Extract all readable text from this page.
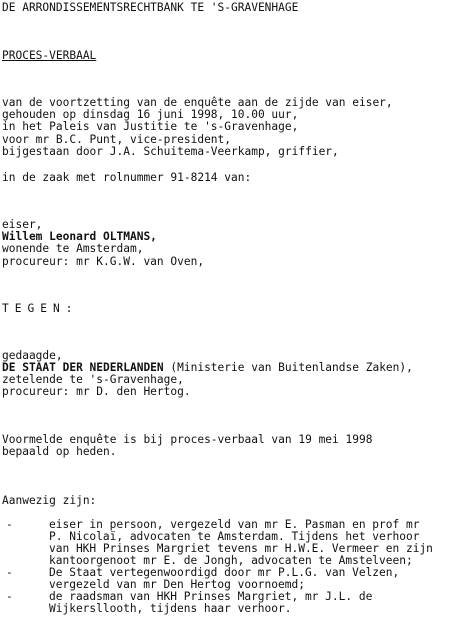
DE ARRONDISSEMENTSRECHTBANK TE 'S-GRAVENHAGE
PROCES-VERBAAL
van de voortzetting van de enquête aan de zijde van eiser,
gehouden op dinsdag 16 juni 1998, 10.00 uur,
in het Paleis van Justitie te 's-Gravenhage,
voor mr B.C. Punt, vice-president,
bijgestaan door J.A. Schuitema-Veerkamp, griffier,
in de zaak met rolnummer 91-8214 van:
eiser,
Willem Leonard OLTMANS,
wonende te Amsterdam,
procureur: mr K.G.W. van Oven,
TEGEN:
gedaagde,
DE STAAT DER NEDERLANDEN (Ministerie van Buitenlandse Zaken),
zetelende te 's-Gravenhage,
procureur: mr D. den Hertog.
Voormelde enquête is bij proces-verbaal van 19 mei 1998
bepaald op heden.
Aanwezig zijn:
-	eiser in persoon, vergezeld van mr E. Pasman en prof mr
P. Nicolaï, advocaten te Amsterdam. Tijdens het verhoor
van HKH Prinses Margriet tevens mr H.W.E. Vermeer en zijn
kantoorgenoot mr E. de Jongh, advocaten te Amstelveen;
-	De Staat vertegenwoordigd door mr P.L.G. van Velzen,
vergezeld van mr Den Hertog voornoemd;
-	de raadsman van HKH Prinses Margriet, mr J.L. de
Wijkersllooth, tijdens haar verhoor.
